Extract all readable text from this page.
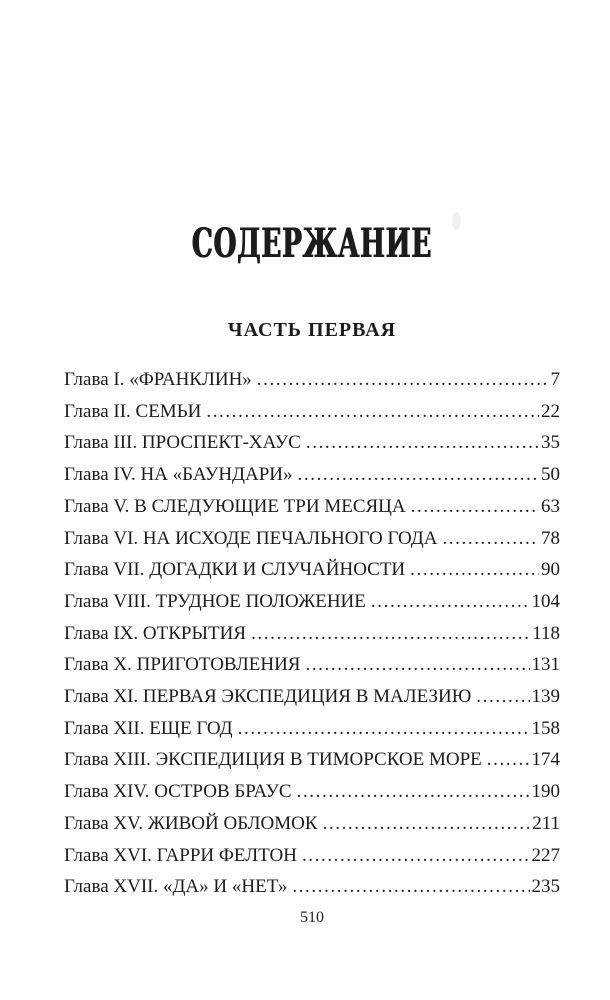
СОДЕРЖАНИЕ
ЧАСТЬ ПЕРВАЯ
Глава I. «ФРАНКЛИН» .....	7
Глава II. СЕМЬИ .....	22
Глава III. ПРОСПЕКТ-ХАУС .....	35
Глава IV. НА «БАУНДАРИ» .....	50
Глава V. В СЛЕДУЮЩИЕ ТРИ МЕСЯЦА .....	63
Глава VI. НА ИСХОДЕ ПЕЧАЛЬНОГО ГОДА .....	78
Глава VII. ДОГАДКИ И СЛУЧАЙНОСТИ .....	90
Глава VIII. ТРУДНОЕ ПОЛОЖЕНИЕ .....	104
Глава IX. ОТКРЫТИЯ .....	118
Глава X. ПРИГОТОВЛЕНИЯ .....	131
Глава XI. ПЕРВАЯ ЭКСПЕДИЦИЯ В МАЛЕЗИЮ .....	139
Глава XII. ЕЩЕ ГОД .....	158
Глава XIII. ЭКСПЕДИЦИЯ В ТИМОРСКОЕ МОРЕ .....	174
Глава XIV. ОСТРОВ БРАУС .....	190
Глава XV. ЖИВОЙ ОБЛОМОК .....	211
Глава XVI. ГАРРИ ФЕЛТОН .....	227
Глава XVII. «ДА» И «НЕТ» .....	235
510
